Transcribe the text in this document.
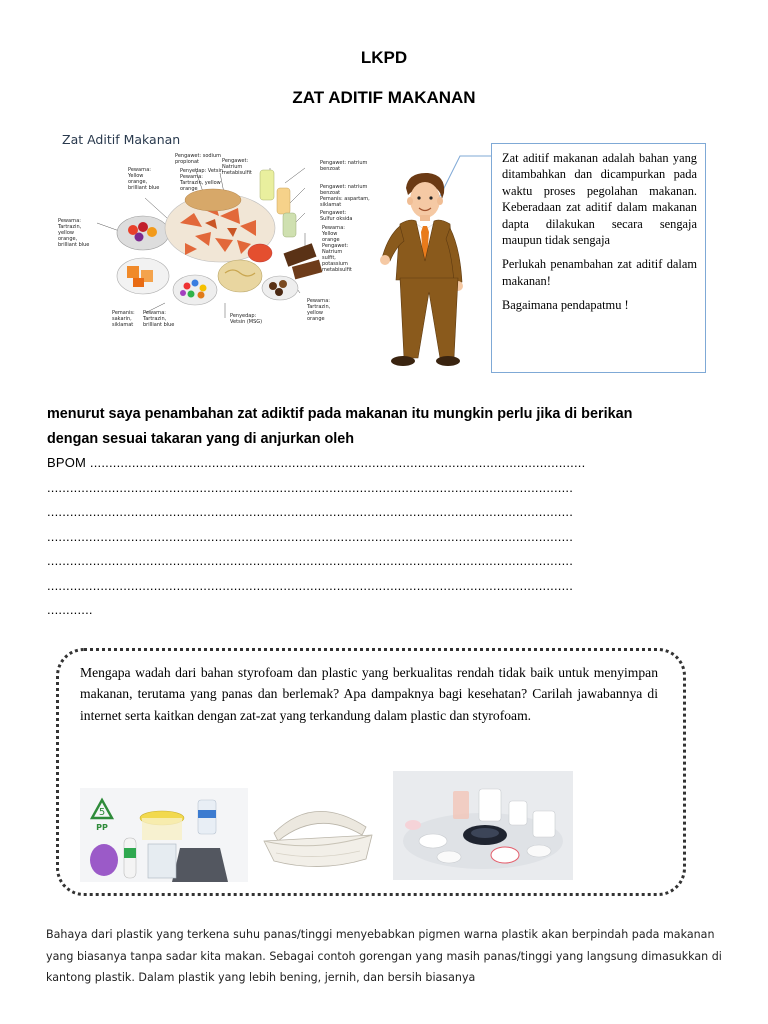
LKPD
ZAT ADITIF MAKANAN
Zat Aditif Makanan
Pewarna:
Tartrazin,
yellow
orange,
brilliant blue
Pewarna:
Yellow
orange,
brilliant blue
Pengawet: sodium
propionat
Penyedap: Vetsin
Pewarna:
Tartrazin, yellow
orange
Pengawet:
Natrium
metabisulfit
Pengawet: natrium
benzoat
Pengawet: natrium
benzoat
Pemanis: aspartam,
siklamat
Pengawet:
Sulfur oksida
Pewarna:
Yellow
orange
Pengawet:
Natrium
sulfit,
potassium
metabisulfit
Pemanis:
sakarin,
siklamat
Pewarna:
Tartrazin,
brilliant blue
Penyedap:
Vetsin (MSG)
Pewarna:
Tartrazin,
yellow
orange

Zat aditif makanan adalah bahan yang ditambahkan dan dicampurkan pada waktu proses pegolahan makanan. Keberadaan zat aditif dalam makanan dapta dilakukan secara sengaja maupun tidak sengaja

Perlukah penambahan zat aditif dalam makanan!

Bagaimana pendapatmu !

menurut saya penambahan zat adiktif pada makanan itu mungkin perlu jika di berikan
dengan sesuai takaran yang di anjurkan oleh
BPOM ..................................................................................................................................
..........................................................................................................................................
..........................................................................................................................................
..........................................................................................................................................
..........................................................................................................................................
..........................................................................................................................................
............
Mengapa wadah dari bahan styrofoam dan plastic yang berkualitas rendah tidak baik untuk menyimpan makanan, terutama yang panas dan berlemak? Apa dampaknya bagi kesehatan? Carilah jawabannya di internet serta kaitkan dengan zat-zat yang terkandung dalam plastic dan styrofoam.
5
PP
Bahaya dari plastik yang terkena suhu panas/tinggi menyebabkan pigmen warna plastik akan berpindah pada makanan yang biasanya tanpa sadar kita makan. Sebagai contoh gorengan yang masih panas/tinggi yang langsung dimasukkan di kantong plastik. Dalam plastik yang lebih bening, jernih, dan bersih biasanya
